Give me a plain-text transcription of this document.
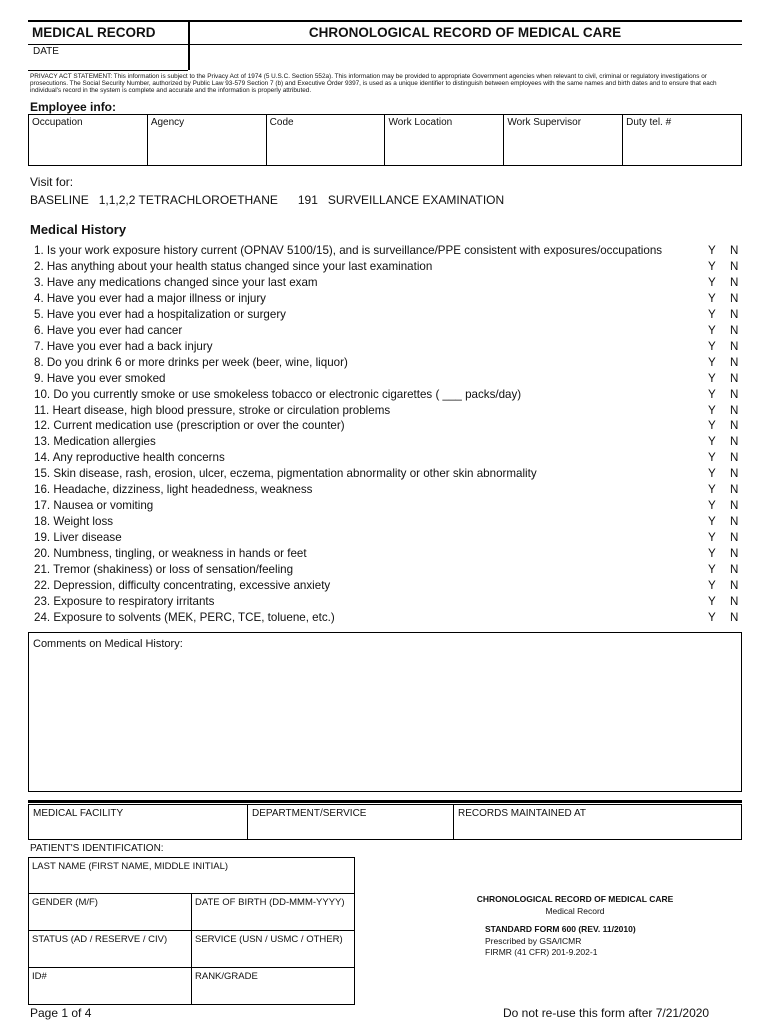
MEDICAL RECORD	CHRONOLOGICAL RECORD OF MEDICAL CARE
DATE
PRIVACY ACT STATEMENT: This information is subject to the Privacy Act of 1974 (5 U.S.C. Section 552a). This information may be provided to appropriate Government agencies when relevant to civil, criminal or regulatory investigations or prosecutions. The Social Security Number, authorized by Public Law 93-579 Section 7 (b) and Executive Order 9397, is used as a unique identifier to distinguish between employees with the same names and birth dates and to ensure that each individual's record in the system is complete and accurate and the information is properly attributed.
Employee info:
Occupation	Agency	Code	Work Location	Work Supervisor	Duty tel. #
Visit for:
BASELINE   1,1,2,2 TETRACHLOROETHANE      191   SURVEILLANCE EXAMINATION
Medical History
1. Is your work exposure history current (OPNAV 5100/15), and is surveillance/PPE consistent with exposures/occupations	Y N
2. Has anything about your health status changed since your last examination	Y N
3. Have any medications changed since your last exam	Y N
4. Have you ever had a major illness or injury	Y N
5. Have you ever had a hospitalization or surgery	Y N
6. Have you ever had cancer	Y N
7. Have you ever had a back injury	Y N
8. Do you drink 6 or more drinks per week (beer, wine, liquor)	Y N
9. Have you ever smoked	Y N
10. Do you currently smoke or use smokeless tobacco or electronic cigarettes ( ___ packs/day)	Y N
11. Heart disease, high blood pressure, stroke or circulation problems	Y N
12. Current medication use (prescription or over the counter)	Y N
13. Medication allergies	Y N
14. Any reproductive health concerns	Y N
15. Skin disease, rash, erosion, ulcer, eczema, pigmentation abnormality or other skin abnormality	Y N
16. Headache, dizziness, light headedness, weakness	Y N
17. Nausea or vomiting	Y N
18. Weight loss	Y N
19. Liver disease	Y N
20. Numbness, tingling, or weakness in hands or feet	Y N
21. Tremor (shakiness) or loss of sensation/feeling	Y N
22. Depression, difficulty concentrating, excessive anxiety	Y N
23. Exposure to respiratory irritants	Y N
24. Exposure to solvents (MEK, PERC, TCE, toluene, etc.)	Y N
Comments on Medical History:
MEDICAL FACILITY	DEPARTMENT/SERVICE	RECORDS MAINTAINED AT
PATIENT'S IDENTIFICATION:
LAST NAME (FIRST NAME, MIDDLE INITIAL)	
GENDER (M/F)	DATE OF BIRTH (DD-MMM-YYYY)
STATUS (AD / RESERVE / CIV)	SERVICE (USN / USMC / OTHER)
ID#	RANK/GRADE
CHRONOLOGICAL RECORD OF MEDICAL CARE
Medical Record
STANDARD FORM 600 (REV. 11/2010)
Prescribed by GSA/ICMR
FIRMR (41 CFR) 201-9.202-1
Page 1 of 4	Do not re-use this form after 7/21/2020
